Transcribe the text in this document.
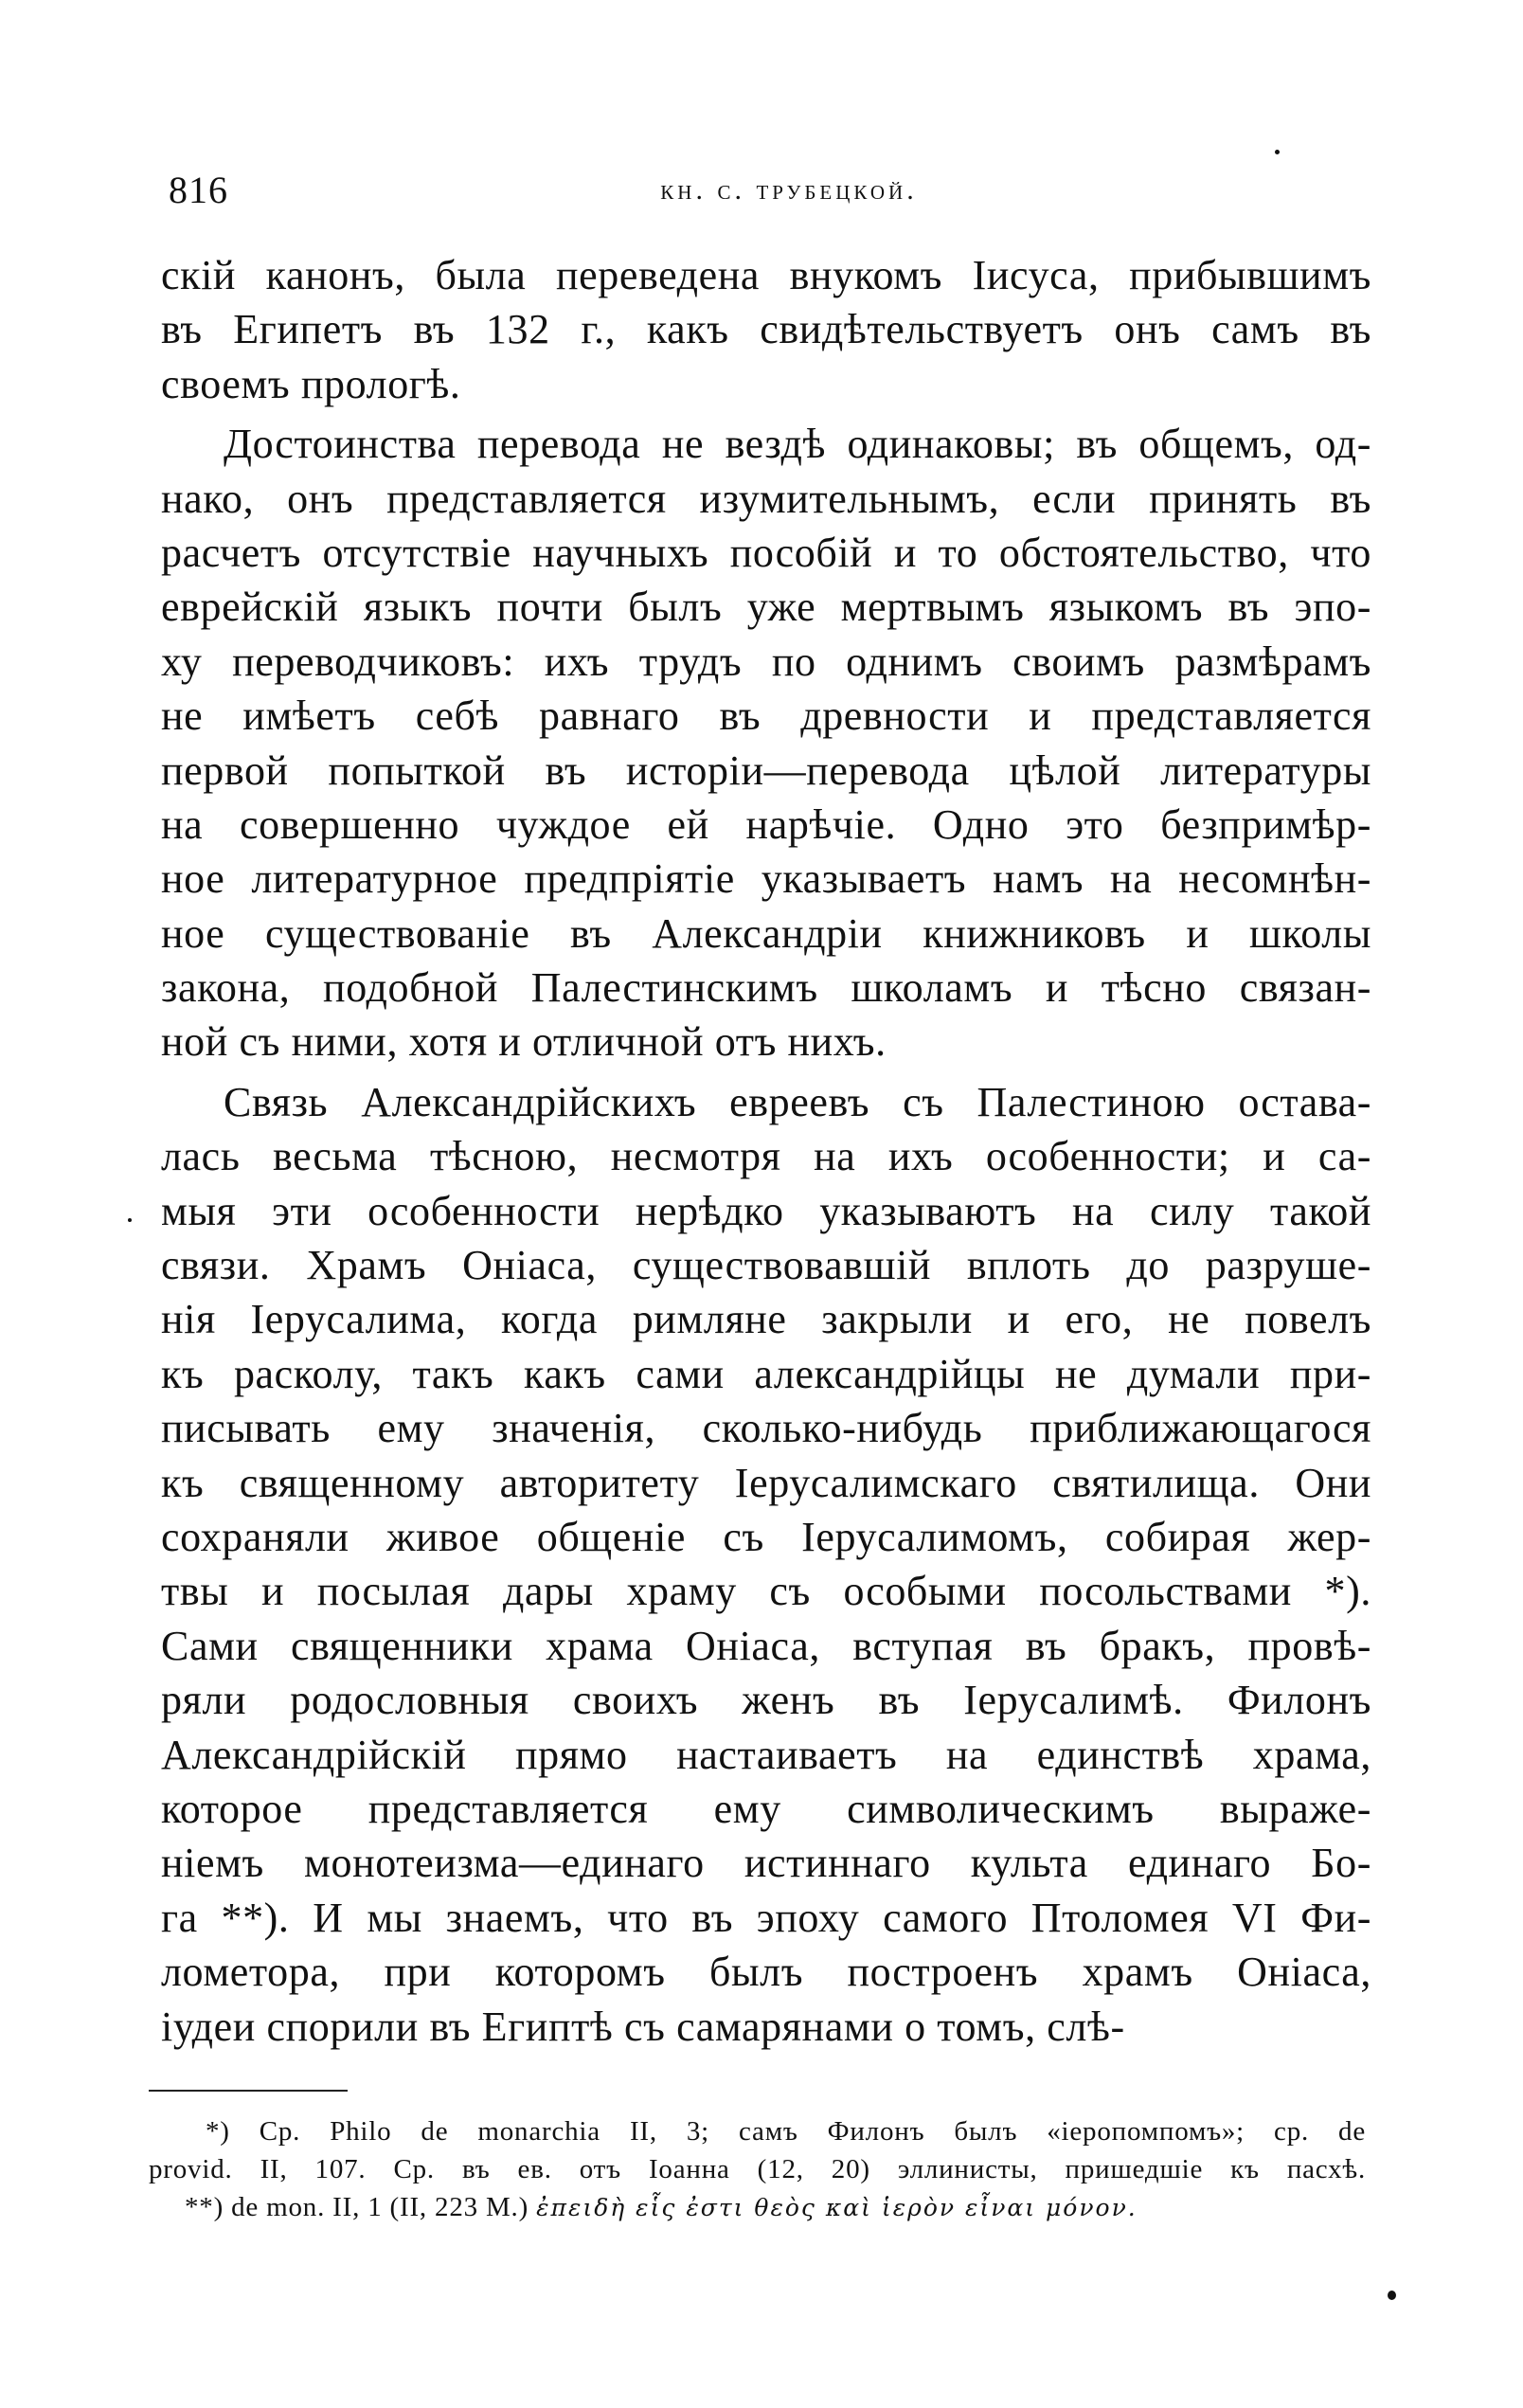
816	кн. с. трубецкой.
скій канонъ, была переведена внукомъ Іисуса, прибывшимъ
въ Египетъ въ 132 г., какъ свидѣтельствуетъ онъ самъ въ
своемъ прологѣ.
Достоинства перевода не вездѣ одинаковы; въ общемъ, од-
нако, онъ представляется изумительнымъ, если принять въ
расчетъ отсутствіе научныхъ пособій и то обстоятельство, что
еврейскій языкъ почти былъ уже мертвымъ языкомъ въ эпо-
ху переводчиковъ: ихъ трудъ по однимъ своимъ размѣрамъ
не имѣетъ себѣ равнаго въ древности и представляется
первой попыткой въ исторіи—перевода цѣлой литературы
на совершенно чуждое ей нарѣчіе. Одно это безпримѣр-
ное литературное предпріятіе указываетъ намъ на несомнѣн-
ное существованіе въ Александріи книжниковъ и школы
закона, подобной Палестинскимъ школамъ и тѣсно связан-
ной съ ними, хотя и отличной отъ нихъ.
Связь Александрійскихъ евреевъ съ Палестиною остава-
лась весьма тѣсною, несмотря на ихъ особенности; и са-
мыя эти особенности нерѣдко указываютъ на силу такой
связи. Храмъ Оніаса, существовавшій вплоть до разруше-
нія Іерусалима, когда римляне закрыли и его, не повелъ
къ расколу, такъ какъ сами александрійцы не думали при-
писывать ему значенія, сколько-нибудь приближающагося
къ священному авторитету Іерусалимскаго святилища. Они
сохраняли живое общеніе съ Іерусалимомъ, собирая жер-
твы и посылая дары храму съ особыми посольствами *).
Сами священники храма Оніаса, вступая въ бракъ, провѣ-
ряли родословныя своихъ женъ въ Іерусалимѣ. Филонъ
Александрійскій прямо настаиваетъ на единствѣ храма,
которое представляется ему символическимъ выраже-
ніемъ монотеизма—единаго истиннаго культа единаго Бо-
га **). И мы знаемъ, что въ эпоху самого Птоломея VI Фи-
лометора, при которомъ былъ построенъ храмъ Оніаса,
іудеи спорили въ Египтѣ съ самарянами о томъ, слѣ-
*) Ср. Philo de monarchia II, 3; самъ Филонъ былъ «іеропомпомъ»; ср. de
provid. II, 107. Ср. въ ев. отъ Іоанна (12, 20) эллинисты, пришедшіе къ пасхѣ.
**) de mon. II, 1 (II, 223 M.) ἐπειδὴ εἷς ἐστι θεὸς καὶ ἱερὸν εἶναι μόνον.
